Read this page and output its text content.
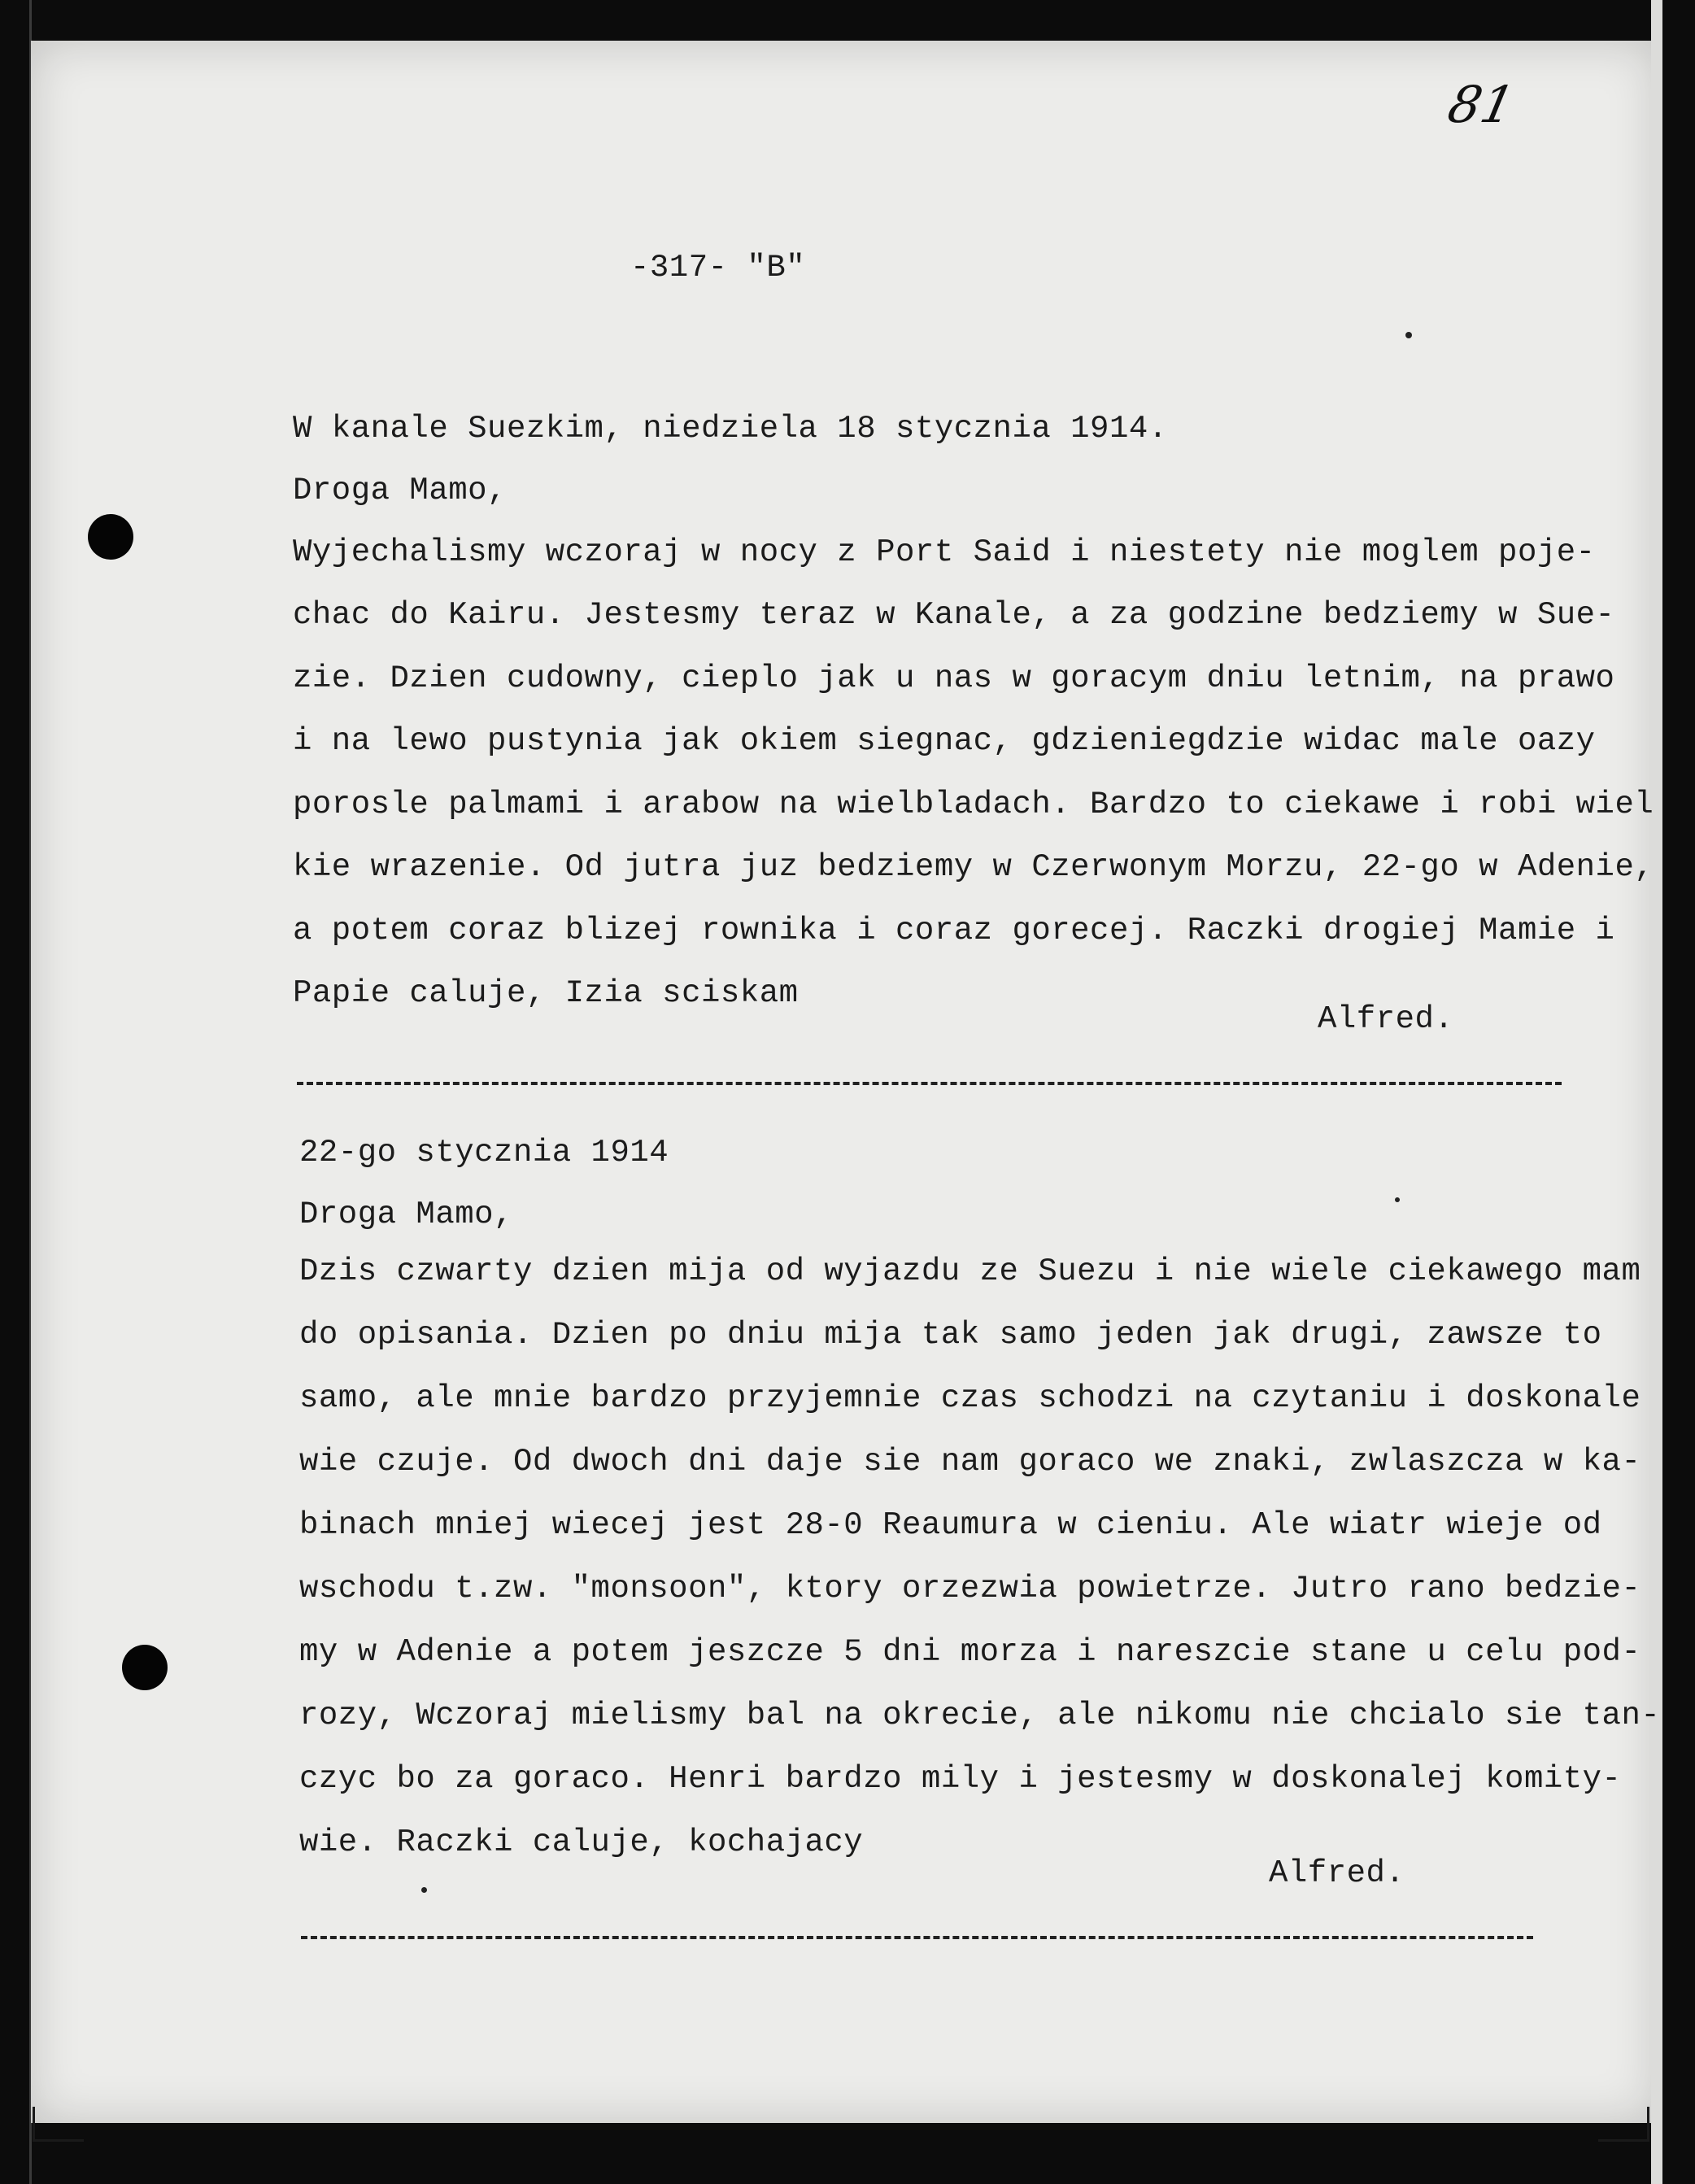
81
-317- "B"
W kanale Suezkim, niedziela 18 stycznia 1914.
Droga Mamo,
Wyjechalismy wczoraj w nocy z Port Said i niestety nie moglem poje-
chac do Kairu. Jestesmy teraz w Kanale, a za godzine bedziemy w Sue-
zie. Dzien cudowny, cieplo jak u nas w goracym dniu letnim, na prawo
i na lewo pustynia jak okiem siegnac, gdzieniegdzie widac male oazy
porosle palmami i arabow na wielbladach. Bardzo to ciekawe i robi wiel
kie wrazenie. Od jutra juz bedziemy w Czerwonym Morzu, 22-go w Adenie,
a potem coraz blizej rownika i coraz gorecej. Raczki drogiej Mamie i
Papie caluje, Izia sciskam
Alfred.
22-go stycznia 1914
Droga Mamo,
Dzis czwarty dzien mija od wyjazdu ze Suezu i nie wiele ciekawego mam
do opisania. Dzien po dniu mija tak samo jeden jak drugi, zawsze to
samo, ale mnie bardzo przyjemnie czas schodzi na czytaniu i doskonale
wie czuje. Od dwoch dni daje sie nam goraco we znaki, zwlaszcza w ka-
binach mniej wiecej jest 28-0 Reaumura w cieniu. Ale wiatr wieje od
wschodu t.zw. "monsoon", ktory orzezwia powietrze. Jutro rano bedzie-
my w Adenie a potem jeszcze 5 dni morza i nareszcie stane u celu pod-
rozy, Wczoraj mielismy bal na okrecie, ale nikomu nie chcialo sie tan-
czyc bo za goraco. Henri bardzo mily i jestesmy w doskonalej komity-
wie. Raczki caluje, kochajacy
Alfred.
